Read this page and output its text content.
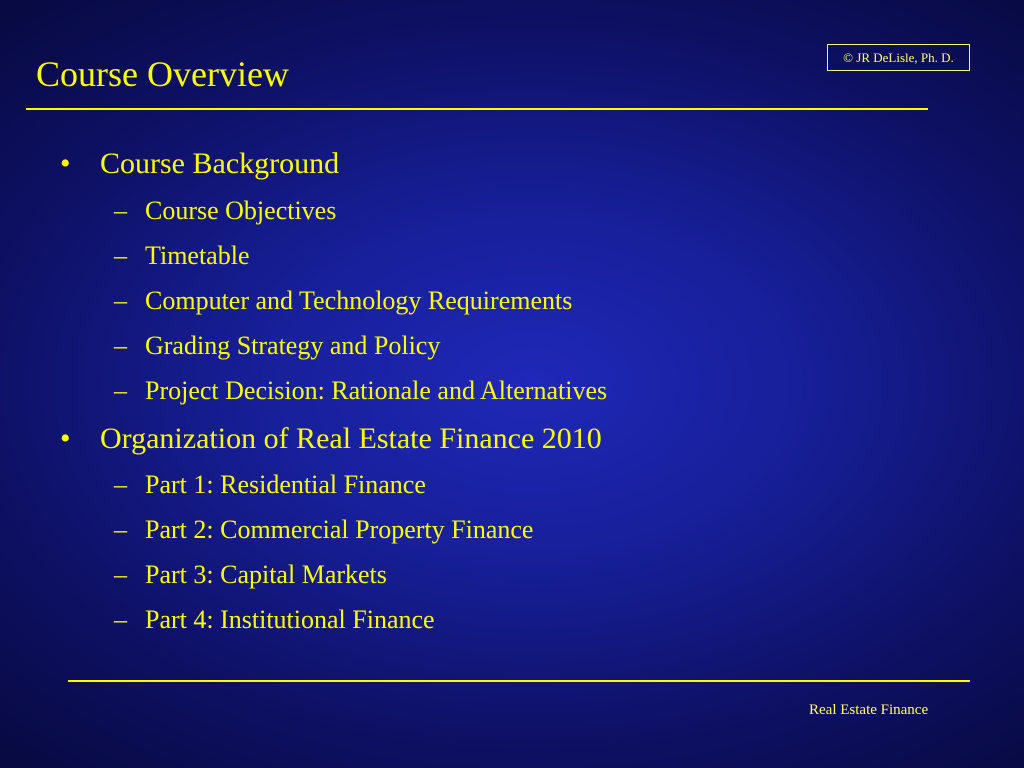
© JR DeLisle, Ph. D.
Course Overview
• Course Background
– Course Objectives
– Timetable
– Computer and Technology Requirements
– Grading Strategy and Policy
– Project Decision: Rationale and Alternatives
• Organization of Real Estate Finance 2010
– Part 1: Residential Finance
– Part 2: Commercial Property Finance
– Part 3: Capital Markets
– Part 4: Institutional Finance
Real Estate Finance
